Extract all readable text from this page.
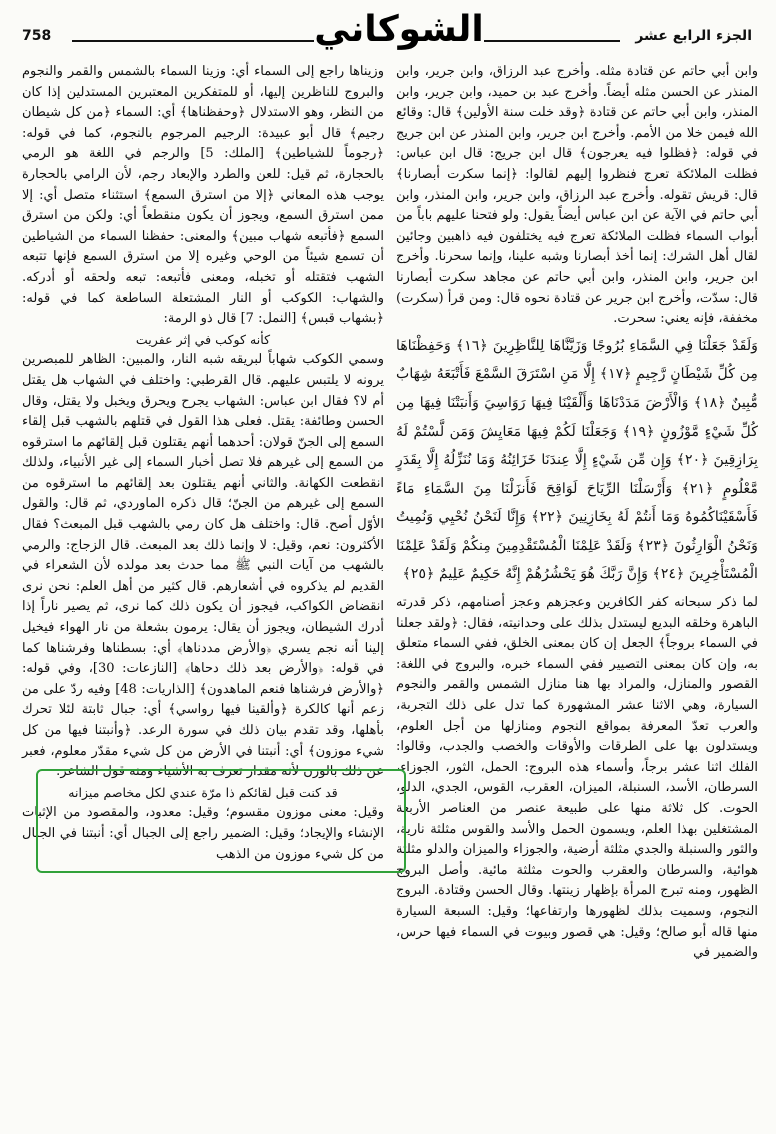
758	الجزء الرابع عشر
الشوكاني

وابن أبي حاتم عن قتادة مثله. وأخرج عبد الرزاق، وابن جرير، وابن المنذر عن الحسن مثله أيضاً. وأخرج عبد بن حميد، وابن جرير، وابن المنذر، وابن أبي حاتم عن قتادة ﴿وقد خلت سنة الأولين﴾ قال: وقائع الله فيمن خلا من الأمم. وأخرج ابن جرير، وابن المنذر عن ابن جريج في قوله: ﴿فظلوا فيه يعرجون﴾ قال ابن جريج: قال ابن عباس: فظلت الملائكة تعرج فنظروا إليهم لقالوا: ﴿إنما سكرت أبصارنا﴾ قال: قريش تقوله. وأخرج عبد الرزاق، وابن جرير، وابن المنذر، وابن أبي حاتم في الآية عن ابن عباس أيضاً يقول: ولو فتحنا عليهم باباً من أبواب السماء فظلت الملائكة تعرج فيه يختلفون فيه ذاهبين وجائين لقال أهل الشرك: إنما أخذ أبصارنا وشبه علينا، وإنما سحرنا. وأخرج ابن جرير، وابن المنذر، وابن أبي حاتم عن مجاهد سكرت أبصارنا قال: سدّت، وأخرج ابن جرير عن قتادة نحوه قال: ومن قرأ (سكرت) مخففة، فإنه يعني: سحرت.

وَلَقَدْ جَعَلْنَا فِي السَّمَاءِ بُرُوجًا وَزَيَّنَّاهَا لِلنَّاظِرِينَ ﴿١٦﴾ وَحَفِظْنَاهَا مِن كُلِّ شَيْطَانٍ رَّجِيمٍ ﴿١٧﴾ إِلَّا مَنِ اسْتَرَقَ السَّمْعَ فَأَتْبَعَهُ شِهَابٌ مُّبِينٌ ﴿١٨﴾ وَالْأَرْضَ مَدَدْنَاهَا وَأَلْقَيْنَا فِيهَا رَوَاسِيَ وَأَنبَتْنَا فِيهَا مِن كُلِّ شَيْءٍ مَّوْزُونٍ ﴿١٩﴾ وَجَعَلْنَا لَكُمْ فِيهَا مَعَايِشَ وَمَن لَّسْتُمْ لَهُ بِرَازِقِينَ ﴿٢٠﴾ وَإِن مِّن شَيْءٍ إِلَّا عِندَنَا خَزَائِنُهُ وَمَا نُنَزِّلُهُ إِلَّا بِقَدَرٍ مَّعْلُومٍ ﴿٢١﴾ وَأَرْسَلْنَا الرِّيَاحَ لَوَاقِحَ فَأَنزَلْنَا مِنَ السَّمَاءِ مَاءً فَأَسْقَيْنَاكُمُوهُ وَمَا أَنتُمْ لَهُ بِخَازِنِينَ ﴿٢٢﴾ وَإِنَّا لَنَحْنُ نُحْيِي وَنُمِيتُ وَنَحْنُ الْوَارِثُونَ ﴿٢٣﴾ وَلَقَدْ عَلِمْنَا الْمُسْتَقْدِمِينَ مِنكُمْ وَلَقَدْ عَلِمْنَا الْمُسْتَأْخِرِينَ ﴿٢٤﴾ وَإِنَّ رَبَّكَ هُوَ يَحْشُرُهُمْ إِنَّهُ حَكِيمٌ عَلِيمٌ ﴿٢٥﴾

لما ذكر سبحانه كفر الكافرين وعجزهم وعجز أصنامهم، ذكر قدرته الباهرة وخلقه البديع ليستدل بذلك على وحدانيته، فقال: ﴿ولقد جعلنا في السماء بروجاً﴾ الجعل إن كان بمعنى الخلق، ففي السماء متعلق به، وإن كان بمعنى التصيير ففي السماء خبره، والبروج في اللغة: القصور والمنازل، والمراد بها هنا منازل الشمس والقمر والنجوم السيارة، وهي الاثنا عشر المشهورة كما تدل على ذلك التجربة، والعرب تعدّ المعرفة بمواقع النجوم ومنازلها من أجل العلوم، ويستدلون بها على الطرقات والأوقات والخصب والجدب، وقالوا: الفلك اثنا عشر برجاً، وأسماء هذه البروج: الحمل، الثور، الجوزاء، السرطان، الأسد، السنبلة، الميزان، العقرب، القوس، الجدي، الدلو، الحوت. كل ثلاثة منها على طبيعة عنصر من العناصر الأربعة المشتغلين بهذا العلم، ويسمون الحمل والأسد والقوس مثلثة نارية، والثور والسنبلة والجدي مثلثة أرضية، والجوزاء والميزان والدلو مثلثة هوائية، والسرطان والعقرب والحوت مثلثة مائية. وأصل البروج الظهور، ومنه تبرج المرأة بإظهار زينتها. وقال الحسن وقتادة. البروج النجوم، وسميت بذلك لظهورها وارتفاعها؛ وقيل: السبعة السيارة منها قاله أبو صالح؛ وقيل: هي قصور وبيوت في السماء فيها حرس، والضمير في

وزيناها راجع إلى السماء أي: وزينا السماء بالشمس والقمر والنجوم والبروج للناظرين إليها، أو للمتفكرين المعتبرين المستدلين إذا كان من النظر، وهو الاستدلال ﴿وحفظناها﴾ أي: السماء ﴿من كل شيطان رجيم﴾ قال أبو عبيدة: الرجيم المرجوم بالنجوم، كما في قوله: ﴿رجوماً للشياطين﴾ [الملك: 5] والرجم في اللغة هو الرمي بالحجارة، ثم قيل: للعن والطرد والإبعاد رجم، لأن الرامي بالحجارة يوجب هذه المعاني ﴿إلا من استرق السمع﴾ استثناء متصل أي: إلا ممن استرق السمع، ويجوز أن يكون منقطعاً أي: ولكن من استرق السمع ﴿فأتبعه شهاب مبين﴾ والمعنى: حفظنا السماء من الشياطين أن تسمع شيئاً من الوحي وغيره إلا من استرق السمع فإنها تتبعه الشهب فتقتله أو تخبله، ومعنى فأتبعه: تبعه ولحقه أو أدركه. والشهاب: الكوكب أو النار المشتعلة الساطعة كما في قوله: ﴿بشهاب قبس﴾ [النمل: 7] قال ذو الرمة:

كأنه كوكب في إثر عفريت

وسمي الكوكب شهاباً لبريقه شبه النار، والمبين: الظاهر للمبصرين يرونه لا يلتبس عليهم. قال القرطبي: واختلف في الشهاب هل يقتل أم لا؟ فقال ابن عباس: الشهاب يجرح ويحرق ويخبل ولا يقتل، وقال الحسن وطائفة: يقتل. فعلى هذا القول في قتلهم بالشهب قبل إلقاء السمع إلى الجنّ قولان: أحدهما أنهم يقتلون قبل إلقائهم ما استرقوه من السمع إلى غيرهم فلا تصل أخبار السماء إلى غير الأنبياء، ولذلك انقطعت الكهانة. والثاني أنهم يقتلون بعد إلقائهم ما استرقوه من السمع إلى غيرهم من الجنّ؛ قال ذكره الماوردي، ثم قال: والقول الأوّل أصح. قال: واختلف هل كان رمي بالشهب قبل المبعث؟ فقال الأكثرون: نعم، وقيل: لا وإنما ذلك بعد المبعث. قال الزجاج: والرمي بالشهب من آيات النبي ﷺ مما حدث بعد مولده لأن الشعراء في القديم لم يذكروه في أشعارهم. قال كثير من أهل العلم: نحن نرى انقضاض الكواكب، فيجوز أن يكون ذلك كما نرى، ثم يصير ناراً إذا أدرك الشيطان، ويجوز أن يقال: يرمون بشعلة من نار الهواء فيخيل إلينا أنه نجم يسري ﴿والأرض مددناها﴾ أي: بسطناها وفرشناها كما في قوله: ﴿والأرض بعد ذلك دحاها﴾ [النازعات: 30]، وفي قوله: ﴿والأرض فرشناها فنعم الماهدون﴾ [الذاريات: 48] وفيه ردّ على من زعم أنها كالكرة ﴿وألقينا فيها رواسي﴾ أي: جبال ثابتة لئلا تحرك بأهلها، وقد تقدم بيان ذلك في سورة الرعد. ﴿وأنبتنا فيها من كل شيء موزون﴾ أي: أنبتنا في الأرض من كل شيء مقدّر معلوم، فعبر عن ذلك بالوزن لأنه مقدار تعرف به الأشياء ومنه قول الشاعر:

قد كنت قبل لقائكم ذا مرّة عندي لكل مخاصم ميزانه

وقيل: معنى موزون مقسوم؛ وقيل: معدود، والمقصود من الإثبات الإنشاء والإيجاد؛ وقيل: الضمير راجع إلى الجبال أي: أنبتنا في الجبال من كل شيء موزون من الذهب
